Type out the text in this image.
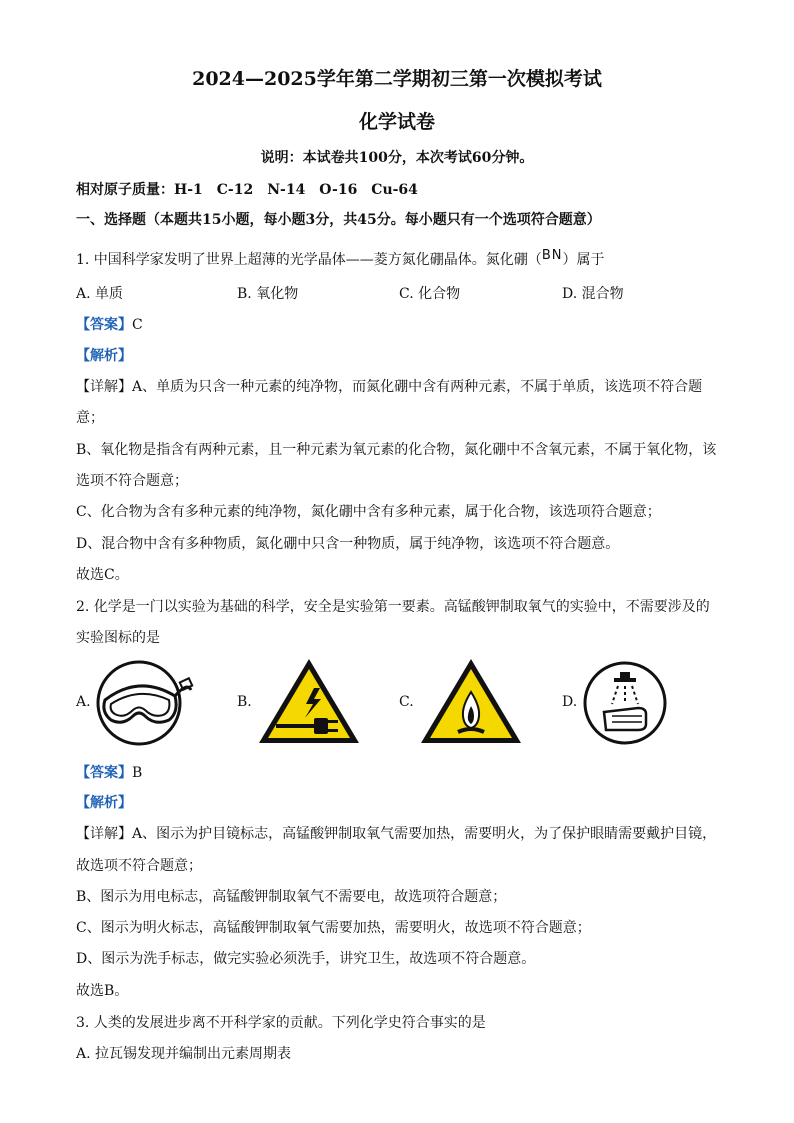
2024—2025学年第二学期初三第一次模拟考试
化学试卷
说明：本试卷共100分，本次考试60分钟。
相对原子质量：H-1　C-12　N-14　O-16　Cu-64
一、选择题（本题共15小题，每小题3分，共45分。每小题只有一个选项符合题意）
1. 中国科学家发明了世界上超薄的光学晶体——菱方氮化硼晶体。氮化硼（BN）属于
A. 单质	B. 氧化物	C. 化合物	D. 混合物
【答案】C
【解析】
【详解】A、单质为只含一种元素的纯净物，而氮化硼中含有两种元素，不属于单质，该选项不符合题
意；
B、氧化物是指含有两种元素，且一种元素为氧元素的化合物，氮化硼中不含氧元素，不属于氧化物，该
选项不符合题意；
C、化合物为含有多种元素的纯净物，氮化硼中含有多种元素，属于化合物，该选项符合题意；
D、混合物中含有多种物质，氮化硼中只含一种物质，属于纯净物，该选项不符合题意。
故选C。
2. 化学是一门以实验为基础的科学，安全是实验第一要素。高锰酸钾制取氧气的实验中，不需要涉及的
实验图标的是
A.	B.	C.	D.
【答案】B
【解析】
【详解】A、图示为护目镜标志，高锰酸钾制取氧气需要加热，需要明火，为了保护眼睛需要戴护目镜，
故选项不符合题意；
B、图示为用电标志，高锰酸钾制取氧气不需要电，故选项符合题意；
C、图示为明火标志，高锰酸钾制取氧气需要加热，需要明火，故选项不符合题意；
D、图示为洗手标志，做完实验必须洗手，讲究卫生，故选项不符合题意。
故选B。
3. 人类的发展进步离不开科学家的贡献。下列化学史符合事实的是
A. 拉瓦锡发现并编制出元素周期表
